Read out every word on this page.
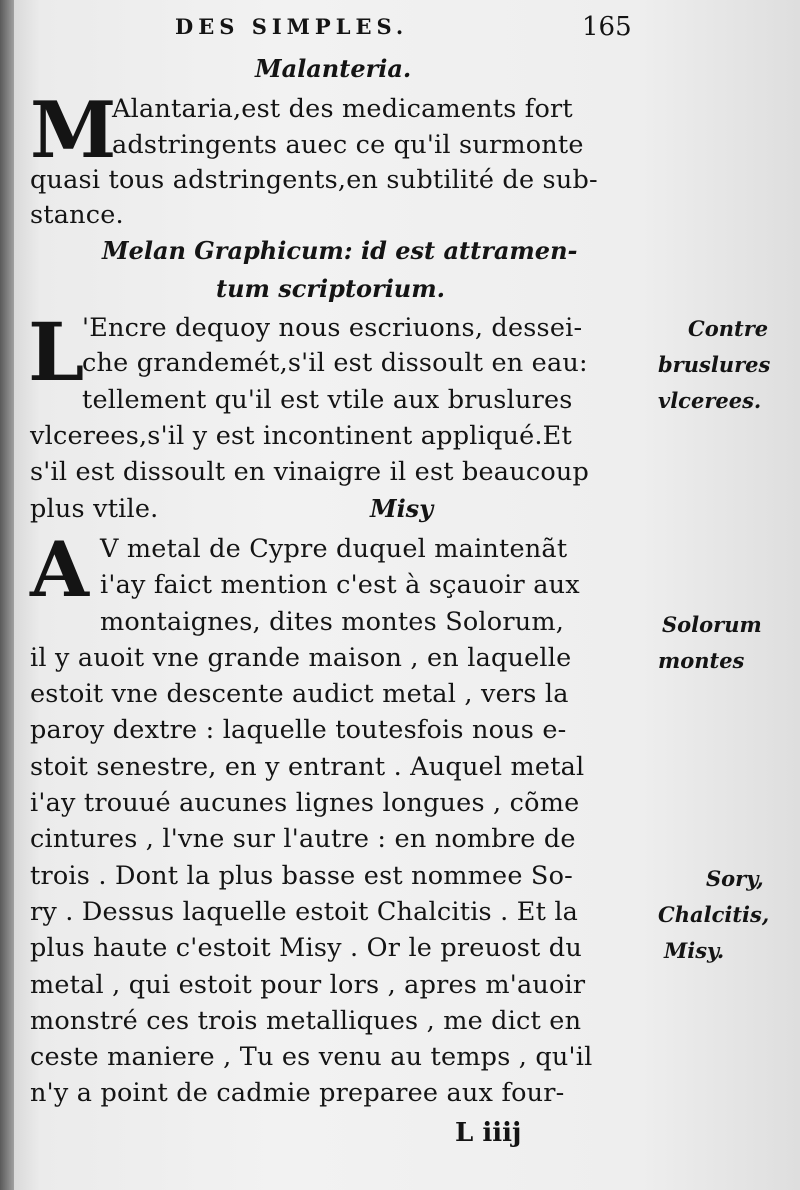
DES SIMPLES.	165
Malanteria.
M
Alantaria,est des medicaments fort
adstringents auec ce qu'il surmonte
quasi tous adstringents,en subtilité de sub-
stance.
Melan Graphicum: id est attramen-
tum scriptorium.
L
'Encre dequoy nous escriuons, dessei-
che grandemét,s'il est dissoult en eau:
tellement qu'il est vtile aux bruslures
vlcerees,s'il y est incontinent appliqué.Et
s'il est dissoult en vinaigre il est beaucoup
plus vtile.	Misy
A V metal de Cypre duquel maintenãt
i'ay faict mention c'est à sçauoir aux
montaignes, dites montes Solorum,
il y auoit vne grande maison , en laquelle
estoit vne descente audict metal , vers la
paroy dextre : laquelle toutesfois nous e-
stoit senestre, en y entrant . Auquel metal
i'ay trouué aucunes lignes longues , cõme
cintures , l'vne sur l'autre : en nombre de
trois . Dont la plus basse est nommee So-
ry . Dessus laquelle estoit Chalcitis . Et la
plus haute c'estoit Misy . Or le preuost du
metal , qui estoit pour lors , apres m'auoir
monstré ces trois metalliques , me dict en
ceste maniere , Tu es venu au temps , qu'il
n'y a point de cadmie preparee aux four-
Contre
bruslures
vlcerees.
Solorum
montes
Sory,
Chalcitis,
Misy.
L iiij
